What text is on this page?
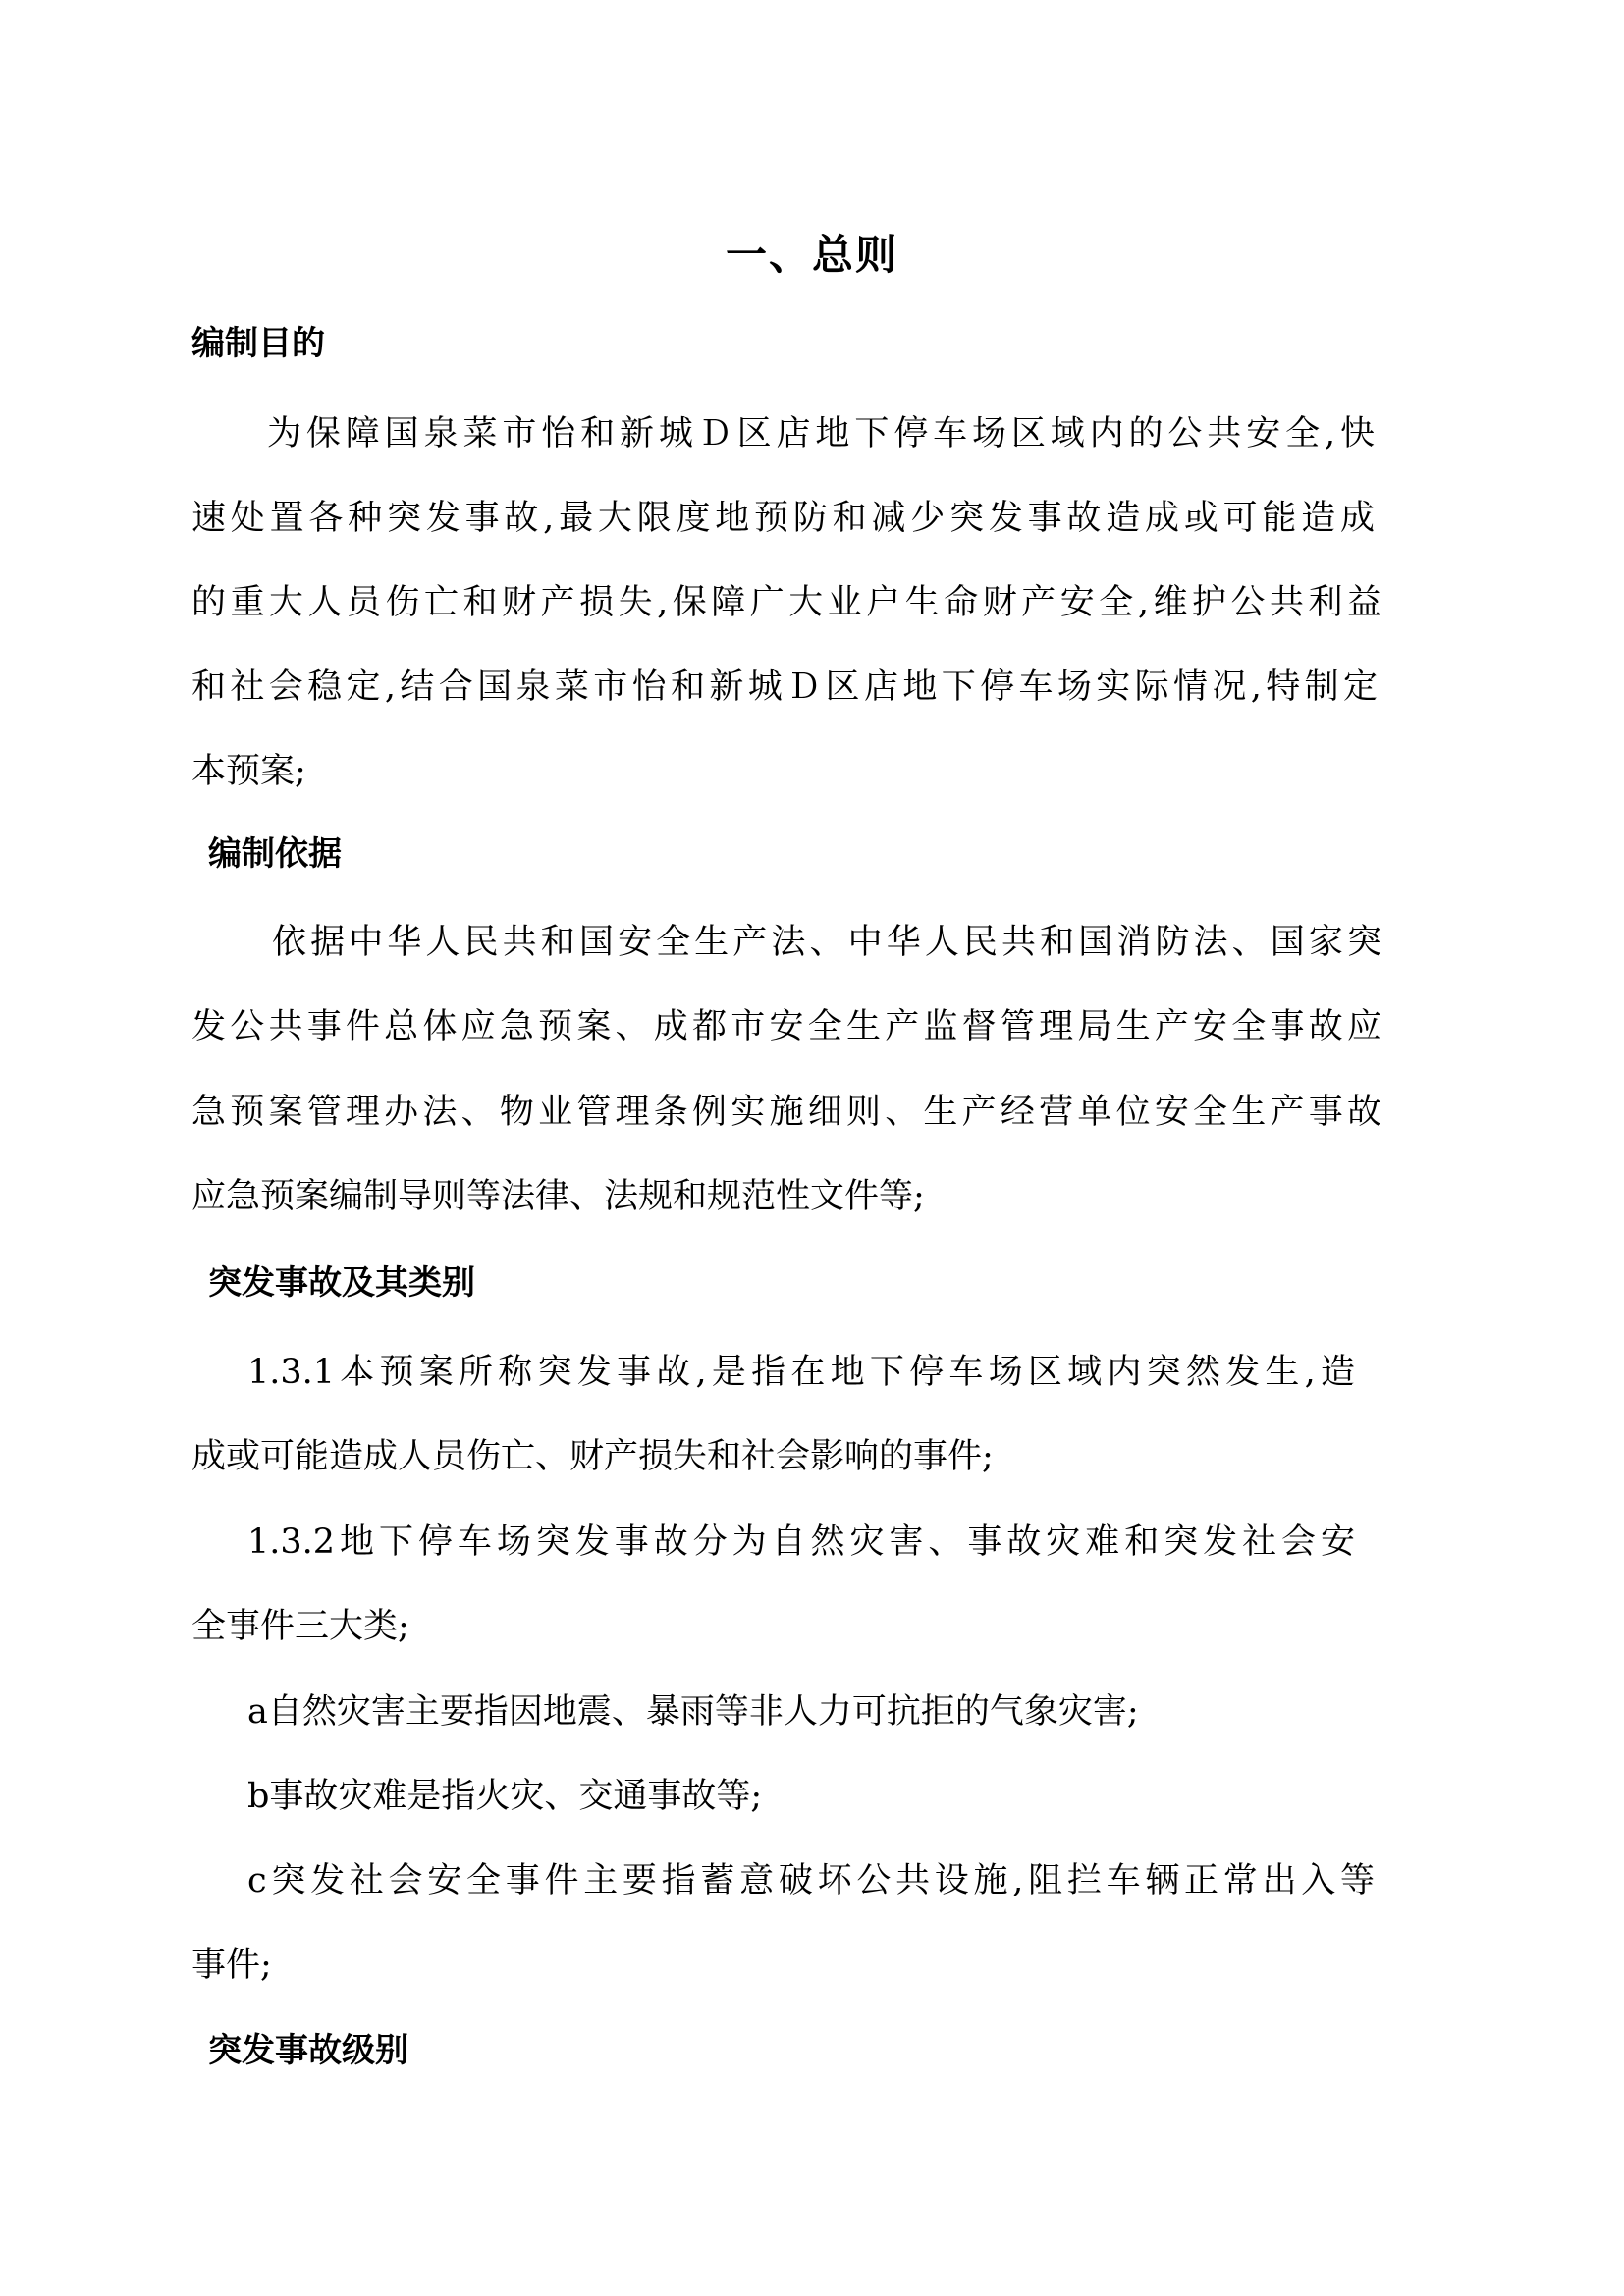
一、总则
编制目的
为保障国泉菜市怡和新城Ｄ区店地下停车场区域内的公共安全,快
速处置各种突发事故,最大限度地预防和减少突发事故造成或可能造成
的重大人员伤亡和财产损失,保障广大业户生命财产安全,维护公共利益
和社会稳定,结合国泉菜市怡和新城Ｄ区店地下停车场实际情况,特制定
本预案;
编制依据
依据中华人民共和国安全生产法、中华人民共和国消防法、国家突
发公共事件总体应急预案、成都市安全生产监督管理局生产安全事故应
急预案管理办法、物业管理条例实施细则、生产经营单位安全生产事故
应急预案编制导则等法律、法规和规范性文件等;
突发事故及其类别
1.3.1本预案所称突发事故,是指在地下停车场区域内突然发生,造
成或可能造成人员伤亡、财产损失和社会影响的事件;
1.3.2地下停车场突发事故分为自然灾害、事故灾难和突发社会安
全事件三大类;
a自然灾害主要指因地震、暴雨等非人力可抗拒的气象灾害;
b事故灾难是指火灾、交通事故等;
c突发社会安全事件主要指蓄意破坏公共设施,阻拦车辆正常出入等
事件;
突发事故级别
